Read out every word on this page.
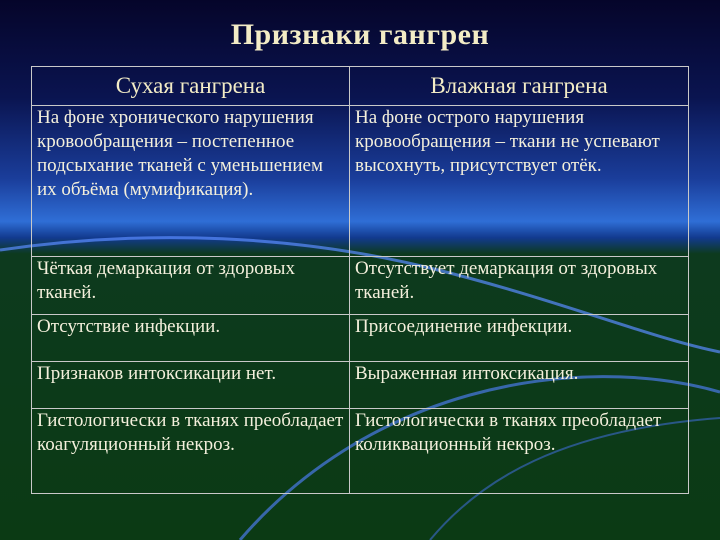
Признаки гангрен
Сухая гангрена	Влажная гангрена
На фоне хронического нарушения кровообращения – постепенное подсыхание тканей с уменьшением их объёма (мумификация).	На фоне острого нарушения кровообращения – ткани не успевают высохнуть, присутствует отёк.
Чёткая демаркация от здоровых тканей.	Отсутствует демаркация от здоровых тканей.
Отсутствие инфекции.	Присоединение инфекции.
Признаков интоксикации нет.	Выраженная интоксикация.
Гистологически в тканях преобладает коагуляционный некроз.	Гистологически в тканях преобладает коликвационный некроз.
